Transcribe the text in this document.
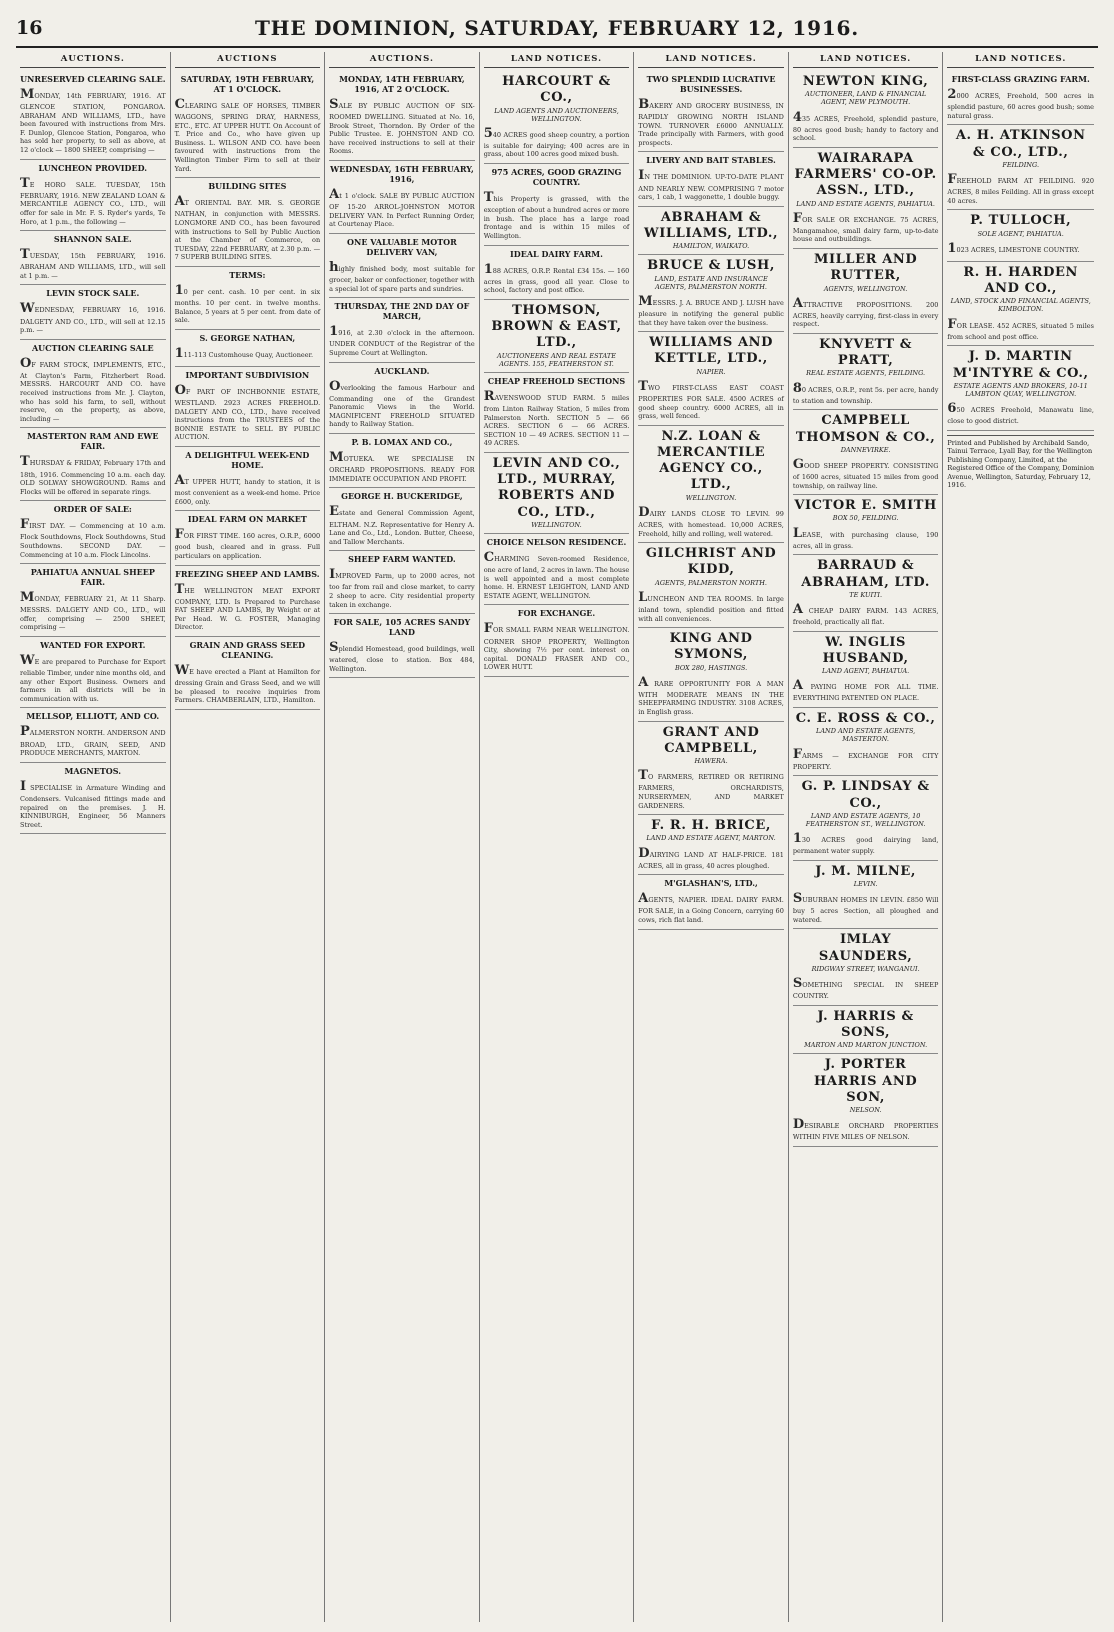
16	THE DOMINION, SATURDAY, FEBRUARY 12, 1916.
AUCTIONS.
UNRESERVED CLEARING SALE.
MONDAY, 14th FEBRUARY, 1916. AT GLENCOE STATION, PONGAROA. ABRAHAM AND WILLIAMS, LTD., have been favoured with instructions from Mrs. F. Dunlop, Glencoe Station, Pongaroa, who has sold her property, to sell as above, at 12 o'clock — 1800 SHEEP, comprising —
LUNCHEON PROVIDED.
TE HORO SALE. TUESDAY, 15th FEBRUARY, 1916. NEW ZEALAND LOAN & MERCANTILE AGENCY CO., LTD., will offer for sale in Mr. F. S. Ryder's yards, Te Horo, at 1 p.m., the following —
SHANNON SALE.
TUESDAY, 15th FEBRUARY, 1916. ABRAHAM AND WILLIAMS, LTD., will sell at 1 p.m. —
LEVIN STOCK SALE.
WEDNESDAY, FEBRUARY 16, 1916. DALGETY AND CO., LTD., will sell at 12.15 p.m. —
AUCTION CLEARING SALE
OF FARM STOCK, IMPLEMENTS, ETC., At Clayton's Farm, Fitzherbert Road. MESSRS. HARCOURT AND CO. have received instructions from Mr. J. Clayton, who has sold his farm, to sell, without reserve, on the property, as above, including —
MASTERTON RAM AND EWE FAIR.
THURSDAY & FRIDAY, February 17th and 18th, 1916. Commencing 10 a.m. each day. OLD SOLWAY SHOWGROUND. Rams and Flocks will be offered in separate rings.
ORDER OF SALE:
FIRST DAY. — Commencing at 10 a.m. Flock Southdowns, Flock Southdowns, Stud Southdowns. SECOND DAY. — Commencing at 10 a.m. Flock Lincolns.
PAHIATUA ANNUAL SHEEP FAIR.
MONDAY, FEBRUARY 21, At 11 Sharp. MESSRS. DALGETY AND CO., LTD., will offer, comprising — 2500 SHEET, comprising —
WANTED FOR EXPORT.
WE are prepared to Purchase for Export reliable Timber, under nine months old, and any other Export Business. Owners and farmers in all districts will be in communication with us.
MELLSOP, ELLIOTT, AND CO.
PALMERSTON NORTH. ANDERSON AND BROAD, LTD., GRAIN, SEED, AND PRODUCE MERCHANTS, MARTON.
MAGNETOS.
I SPECIALISE in Armature Winding and Condensers. Vulcanised fittings made and repaired on the premises. J. H. KINNIBURGH, Engineer, 56 Manners Street.
AUCTIONS
SATURDAY, 19TH FEBRUARY, AT 1 O'CLOCK.
CLEARING SALE OF HORSES, TIMBER WAGGONS, SPRING DRAY, HARNESS, ETC., ETC. AT UPPER HUTT. On Account of T. Price and Co., who have given up Business. L. WILSON AND CO. have been favoured with instructions from the Wellington Timber Firm to sell at their Yard.
BUILDING SITES
AT ORIENTAL BAY. MR. S. GEORGE NATHAN, in conjunction with MESSRS. LONGMORE AND CO., has been favoured with instructions to Sell by Public Auction at the Chamber of Commerce, on TUESDAY, 22nd FEBRUARY, at 2.30 p.m. — 7 SUPERB BUILDING SITES.
TERMS:
10 per cent. cash. 10 per cent. in six months. 10 per cent. in twelve months. Balance, 5 years at 5 per cent. from date of sale.
S. GEORGE NATHAN,
111-113 Customhouse Quay, Auctioneer.
IMPORTANT SUBDIVISION
OF PART OF INCHBONNIE ESTATE, WESTLAND. 2923 ACRES FREEHOLD. DALGETY AND CO., LTD., have received instructions from the TRUSTEES of the BONNIE ESTATE to SELL BY PUBLIC AUCTION.
A DELIGHTFUL WEEK-END HOME.
AT UPPER HUTT, handy to station, it is most convenient as a week-end home. Price £600, only.
IDEAL FARM ON MARKET
FOR FIRST TIME. 160 acres, O.R.P., 6000 good bush, cleared and in grass. Full particulars on application.
FREEZING SHEEP AND LAMBS.
THE WELLINGTON MEAT EXPORT COMPANY, LTD. Is Prepared to Purchase FAT SHEEP AND LAMBS, By Weight or at Per Head. W. G. FOSTER, Managing Director.
GRAIN AND GRASS SEED CLEANING.
WE have erected a Plant at Hamilton for dressing Grain and Grass Seed, and we will be pleased to receive inquiries from Farmers. CHAMBERLAIN, LTD., Hamilton.
AUCTIONS.
MONDAY, 14TH FEBRUARY, 1916, AT 2 O'CLOCK.
SALE BY PUBLIC AUCTION OF SIX-ROOMED DWELLING. Situated at No. 16, Brook Street, Thorndon. By Order of the Public Trustee. E. JOHNSTON AND CO. have received instructions to sell at their Rooms.
WEDNESDAY, 16TH FEBRUARY, 1916,
At 1 o'clock. SALE BY PUBLIC AUCTION OF 15-20 ARROL-JOHNSTON MOTOR DELIVERY VAN. In Perfect Running Order, at Courtenay Place.
ONE VALUABLE MOTOR DELIVERY VAN,
highly finished body, most suitable for grocer, baker or confectioner, together with a special lot of spare parts and sundries.
THURSDAY, THE 2ND DAY OF MARCH,
1916, at 2.30 o'clock in the afternoon. UNDER CONDUCT of the Registrar of the Supreme Court at Wellington.
AUCKLAND.
Overlooking the famous Harbour and Commanding one of the Grandest Panoramic Views in the World. MAGNIFICENT FREEHOLD SITUATED handy to Railway Station.
P. B. LOMAX AND CO.,
MOTUEKA. WE SPECIALISE IN ORCHARD PROPOSITIONS. READY FOR IMMEDIATE OCCUPATION AND PROFIT.
GEORGE H. BUCKERIDGE,
Estate and General Commission Agent, ELTHAM. N.Z. Representative for Henry A. Lane and Co., Ltd., London. Butter, Cheese, and Tallow Merchants.
SHEEP FARM WANTED.
IMPROVED Farm, up to 2000 acres, not too far from rail and close market, to carry 2 sheep to acre. City residential property taken in exchange.
FOR SALE, 105 ACRES SANDY LAND
Splendid Homestead, good buildings, well watered, close to station. Box 484, Wellington.
LAND NOTICES.
HARCOURT & CO.,
LAND AGENTS AND AUCTIONEERS, WELLINGTON.
540 ACRES good sheep country, a portion is suitable for dairying; 400 acres are in grass, about 100 acres good mixed bush.
975 ACRES, GOOD GRAZING COUNTRY.
This Property is grassed, with the exception of about a hundred acres or more in bush. The place has a large road frontage and is within 15 miles of Wellington.
IDEAL DAIRY FARM.
188 ACRES, O.R.P. Rental £34 15s. — 160 acres in grass, good all year. Close to school, factory and post office.
THOMSON, BROWN & EAST, LTD.,
AUCTIONEERS AND REAL ESTATE AGENTS. 155, FEATHERSTON ST.
CHEAP FREEHOLD SECTIONS
RAVENSWOOD STUD FARM. 5 miles from Linton Railway Station, 5 miles from Palmerston North. SECTION 5 — 66 ACRES. SECTION 6 — 66 ACRES. SECTION 10 — 49 ACRES. SECTION 11 — 49 ACRES.
LEVIN AND CO., LTD., MURRAY, ROBERTS AND CO., LTD.,
WELLINGTON.
CHOICE NELSON RESIDENCE.
CHARMING Seven-roomed Residence, one acre of land, 2 acres in lawn. The house is well appointed and a most complete home. H. ERNEST LEIGHTON, LAND AND ESTATE AGENT, WELLINGTON.
FOR EXCHANGE.
FOR SMALL FARM NEAR WELLINGTON. CORNER SHOP PROPERTY, Wellington City, showing 7½ per cent. interest on capital. DONALD FRASER AND CO., LOWER HUTT.
LAND NOTICES.
TWO SPLENDID LUCRATIVE BUSINESSES.
BAKERY AND GROCERY BUSINESS, IN RAPIDLY GROWING NORTH ISLAND TOWN. TURNOVER £6000 ANNUALLY. Trade principally with Farmers, with good prospects.
LIVERY AND BAIT STABLES.
IN THE DOMINION. UP-TO-DATE PLANT AND NEARLY NEW. COMPRISING 7 motor cars, 1 cab, 1 waggonette, 1 double buggy.
ABRAHAM & WILLIAMS, LTD.,
HAMILTON, WAIKATO.
BRUCE & LUSH,
LAND, ESTATE AND INSURANCE AGENTS, PALMERSTON NORTH.
MESSRS. J. A. BRUCE AND J. LUSH have pleasure in notifying the general public that they have taken over the business.
WILLIAMS AND KETTLE, LTD.,
NAPIER.
TWO FIRST-CLASS EAST COAST PROPERTIES FOR SALE. 4500 ACRES of good sheep country. 6000 ACRES, all in grass, well fenced.
N.Z. LOAN & MERCANTILE AGENCY CO., LTD.,
WELLINGTON.
DAIRY LANDS CLOSE TO LEVIN. 99 ACRES, with homestead. 10,000 ACRES, Freehold, hilly and rolling, well watered.
GILCHRIST AND KIDD,
AGENTS, PALMERSTON NORTH.
LUNCHEON AND TEA ROOMS. In large inland town, splendid position and fitted with all conveniences.
KING AND SYMONS,
BOX 280, HASTINGS.
A RARE OPPORTUNITY FOR A MAN WITH MODERATE MEANS IN THE SHEEPFARMING INDUSTRY. 3108 ACRES, in English grass.
GRANT AND CAMPBELL,
HAWERA.
TO FARMERS, RETIRED OR RETIRING FARMERS, ORCHARDISTS, NURSERYMEN, AND MARKET GARDENERS.
F. R. H. BRICE,
LAND AND ESTATE AGENT, MARTON.
DAIRYING LAND AT HALF-PRICE. 181 ACRES, all in grass, 40 acres ploughed.
M'GLASHAN'S, LTD.,
AGENTS, NAPIER. IDEAL DAIRY FARM. FOR SALE, in a Going Concern, carrying 60 cows, rich flat land.
LAND NOTICES.
NEWTON KING,
AUCTIONEER, LAND & FINANCIAL AGENT, NEW PLYMOUTH.
435 ACRES, Freehold, splendid pasture, 80 acres good bush; handy to factory and school.
WAIRARAPA FARMERS' CO-OP. ASSN., LTD.,
LAND AND ESTATE AGENTS, PAHIATUA.
FOR SALE OR EXCHANGE. 75 ACRES, Mangamahoe, small dairy farm, up-to-date house and outbuildings.
MILLER AND RUTTER,
AGENTS, WELLINGTON.
ATTRACTIVE PROPOSITIONS. 200 ACRES, heavily carrying, first-class in every respect.
KNYVETT & PRATT,
REAL ESTATE AGENTS, FEILDING.
80 ACRES, O.R.P., rent 5s. per acre, handy to station and township.
CAMPBELL THOMSON & CO.,
DANNEVIRKE.
GOOD SHEEP PROPERTY. CONSISTING of 1600 acres, situated 15 miles from good township, on railway line.
VICTOR E. SMITH
BOX 50, FEILDING.
LEASE, with purchasing clause, 190 acres, all in grass.
BARRAUD & ABRAHAM, LTD.
TE KUITI.
A CHEAP DAIRY FARM. 143 ACRES, freehold, practically all flat.
W. INGLIS HUSBAND,
LAND AGENT, PAHIATUA.
A PAYING HOME FOR ALL TIME. EVERYTHING PATENTED ON PLACE.
C. E. ROSS & CO.,
LAND AND ESTATE AGENTS, MASTERTON.
FARMS — EXCHANGE FOR CITY PROPERTY.
G. P. LINDSAY & CO.,
LAND AND ESTATE AGENTS, 10 FEATHERSTON ST., WELLINGTON.
130 ACRES good dairying land, permanent water supply.
J. M. MILNE,
LEVIN.
SUBURBAN HOMES IN LEVIN. £850 Will buy 5 acres Section, all ploughed and watered.
IMLAY SAUNDERS,
RIDGWAY STREET, WANGANUI.
SOMETHING SPECIAL IN SHEEP COUNTRY.
J. HARRIS & SONS,
MARTON AND MARTON JUNCTION.
J. PORTER HARRIS AND SON,
NELSON.
DESIRABLE ORCHARD PROPERTIES WITHIN FIVE MILES OF NELSON.
LAND NOTICES.
FIRST-CLASS GRAZING FARM.
2000 ACRES, Freehold, 500 acres in splendid pasture, 60 acres good bush; some natural grass.
A. H. ATKINSON & CO., LTD.,
FEILDING.
FREEHOLD FARM AT FEILDING. 920 ACRES, 8 miles Feilding. All in grass except 40 acres.
P. TULLOCH,
SOLE AGENT, PAHIATUA.
1023 ACRES, LIMESTONE COUNTRY.
R. H. HARDEN AND CO.,
LAND, STOCK AND FINANCIAL AGENTS, KIMBOLTON.
FOR LEASE. 452 ACRES, situated 5 miles from school and post office.
J. D. MARTIN M'INTYRE & CO.,
ESTATE AGENTS AND BROKERS, 10-11 LAMBTON QUAY, WELLINGTON.
650 ACRES Freehold, Manawatu line, close to good district.
Printed and Published by Archibald Sando, Tainui Terrace, Lyall Bay, for the Wellington Publishing Company, Limited, at the Registered Office of the Company, Dominion Avenue, Wellington, Saturday, February 12, 1916.
